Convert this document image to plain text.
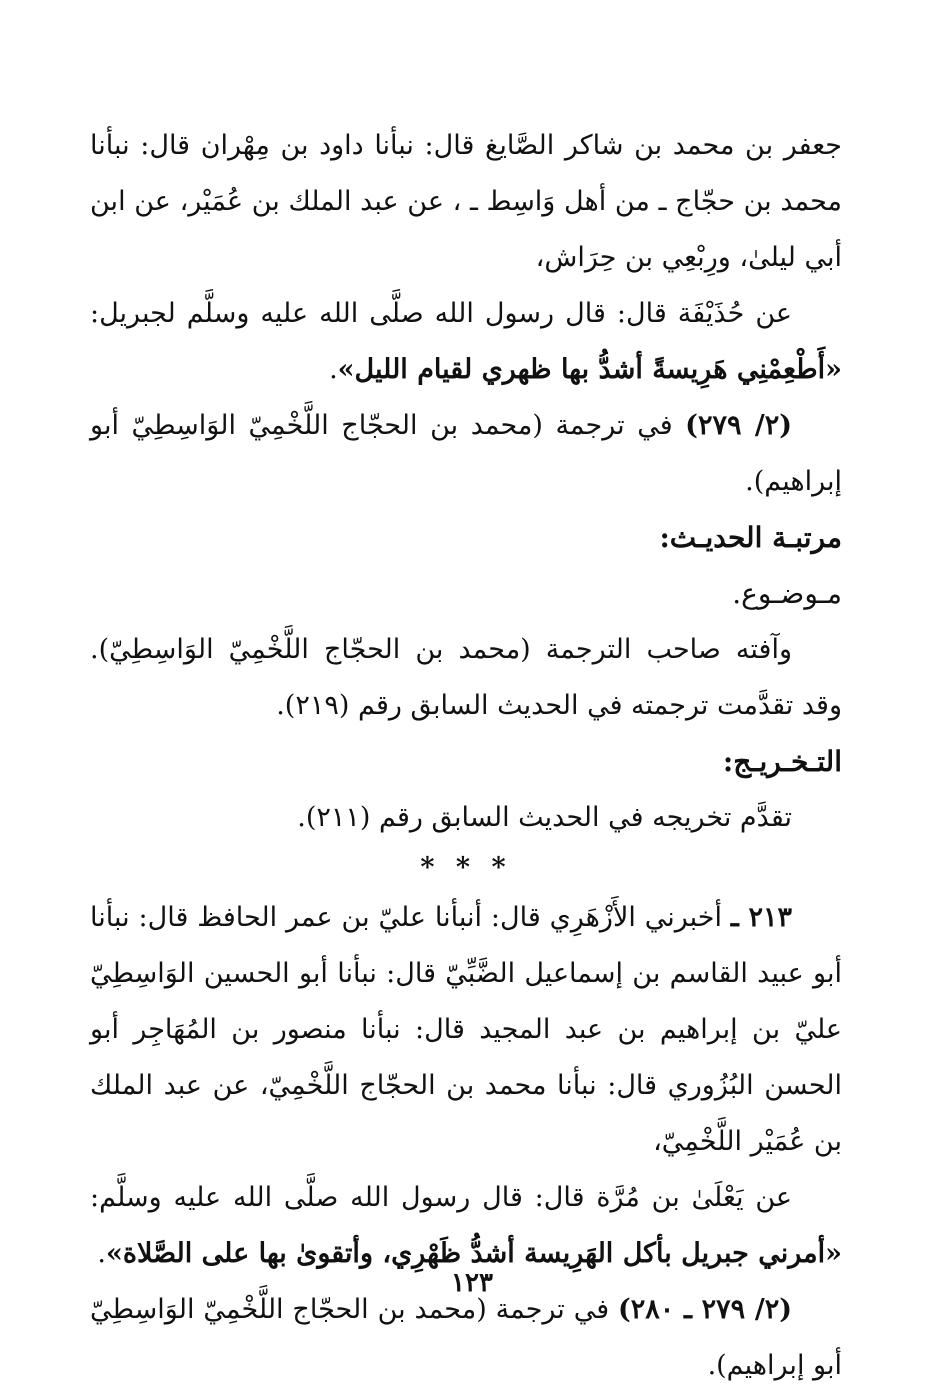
جعفر بن محمد بن شاكر الصَّايغ قال: نبأنا داود بن مِهْران قال: نبأنا محمد بن حجّاج ـ من أهل وَاسِط ـ ، عن عبد الملك بن عُمَيْر، عن ابن أبي ليلىٰ، ورِبْعِي بن حِرَاش،

عن حُذَيْفَة قال: قال رسول الله صلَّى الله عليه وسلَّم لجبريل: «أَطْعِمْنِي هَرِيسةً أشدُّ بها ظهري لقيام الليل».

(٢/ ٢٧٩) في ترجمة (محمد بن الحجّاج اللَّخْمِيّ الوَاسِطِيّ أبو إبراهيم).

مرتبـة الحديـث:

مـوضـوع.

وآفته صاحب الترجمة (محمد بن الحجّاج اللَّخْمِيّ الوَاسِطِيّ). وقد تقدَّمت ترجمته في الحديث السابق رقم (٢١٩).

التـخـريـج:

تقدَّم تخريجه في الحديث السابق رقم (٢١١).

* * *

٢١٣ ـ أخبرني الأَزْهَرِي قال: أنبأنا عليّ بن عمر الحافظ قال: نبأنا أبو عبيد القاسم بن إسماعيل الضَّبِّيّ قال: نبأنا أبو الحسين الوَاسِطِيّ عليّ بن إبراهيم بن عبد المجيد قال: نبأنا منصور بن المُهَاجِر أبو الحسن البُزُوري قال: نبأنا محمد بن الحجّاج اللَّخْمِيّ، عن عبد الملك بن عُمَيْر اللَّخْمِيّ،

عن يَعْلَىٰ بن مُرَّة قال: قال رسول الله صلَّى الله عليه وسلَّم: «أمرني جبريل بأكل الهَرِيسة أشدُّ ظَهْرِي، وأتقوىٰ بها على الصَّلاة».

(٢/ ٢٧٩ ـ ٢٨٠) في ترجمة (محمد بن الحجّاج اللَّخْمِيّ الوَاسِطِيّ أبو إبراهيم).

١٢٣
